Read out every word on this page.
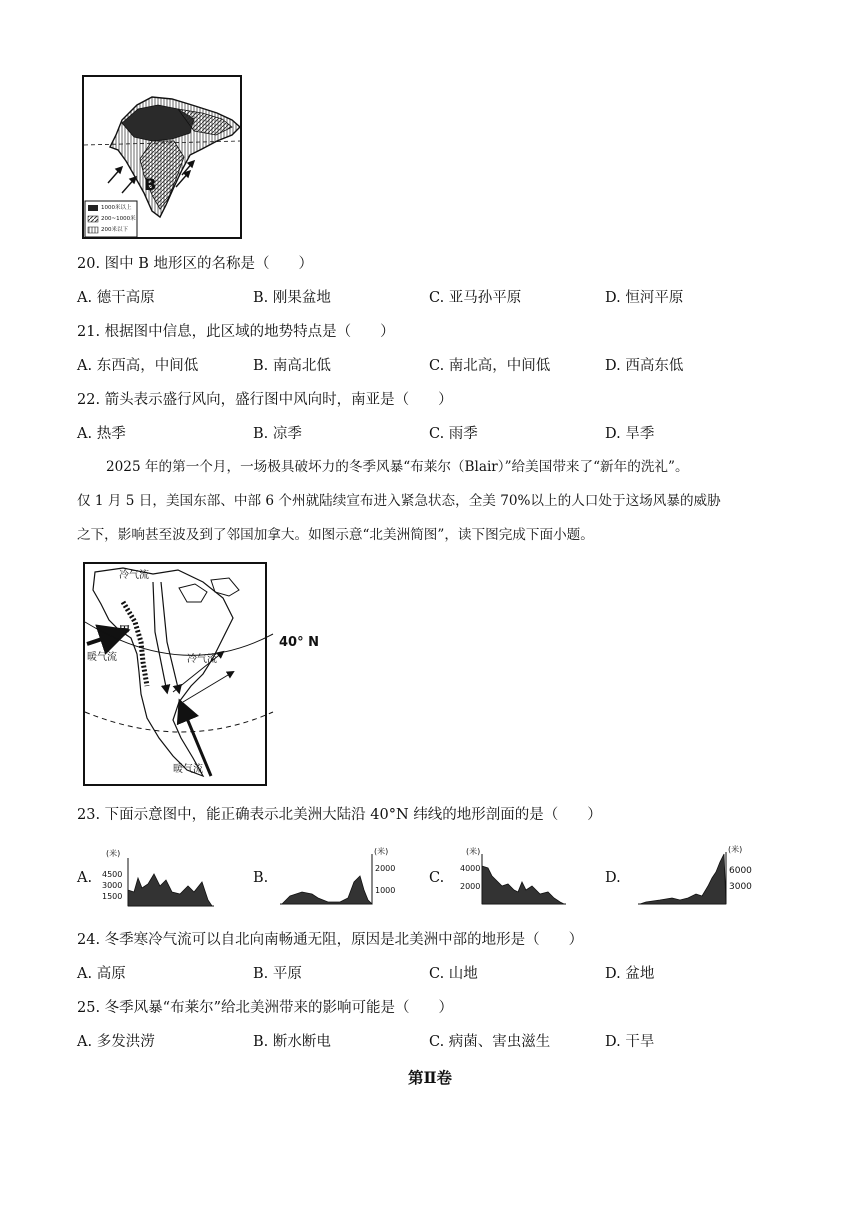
B
1000米以上
200~1000米
200米以下
20. 图中 B 地形区的名称是（　　）
A. 德干高原	B. 刚果盆地	C. 亚马孙平原	D. 恒河平原
21. 根据图中信息，此区域的地势特点是（　　）
A. 东西高，中间低	B. 南高北低	C. 南北高，中间低	D. 西高东低
22. 箭头表示盛行风向，盛行图中风向时，南亚是（　　）
A. 热季	B. 凉季	C. 雨季	D. 旱季
2025 年的第一个月，一场极具破坏力的冬季风暴“布莱尔（Blair）”给美国带来了“新年的洗礼”。
仅 1 月 5 日，美国东部、中部 6 个州就陆续宣布进入紧急状态，全美 70%以上的人口处于这场风暴的威胁
之下，影响甚至波及到了邻国加拿大。如图示意“北美洲简图”，读下图完成下面小题。
冷气流
甲
暖气流	冷气流
40° N
暖气流
23. 下面示意图中，能正确表示北美洲大陆沿 40°N 纬线的地形剖面的是（　　）
A.
(米)
4500
3000
1500
B.
(米)
2000
1000
C.
(米)
4000
2000
D.
(米)
6000
3000
24. 冬季寒冷气流可以自北向南畅通无阻，原因是北美洲中部的地形是（　　）
A. 高原	B. 平原	C. 山地	D. 盆地
25. 冬季风暴“布莱尔”给北美洲带来的影响可能是（　　）
A. 多发洪涝	B. 断水断电	C. 病菌、害虫滋生	D. 干旱
第Ⅱ卷
